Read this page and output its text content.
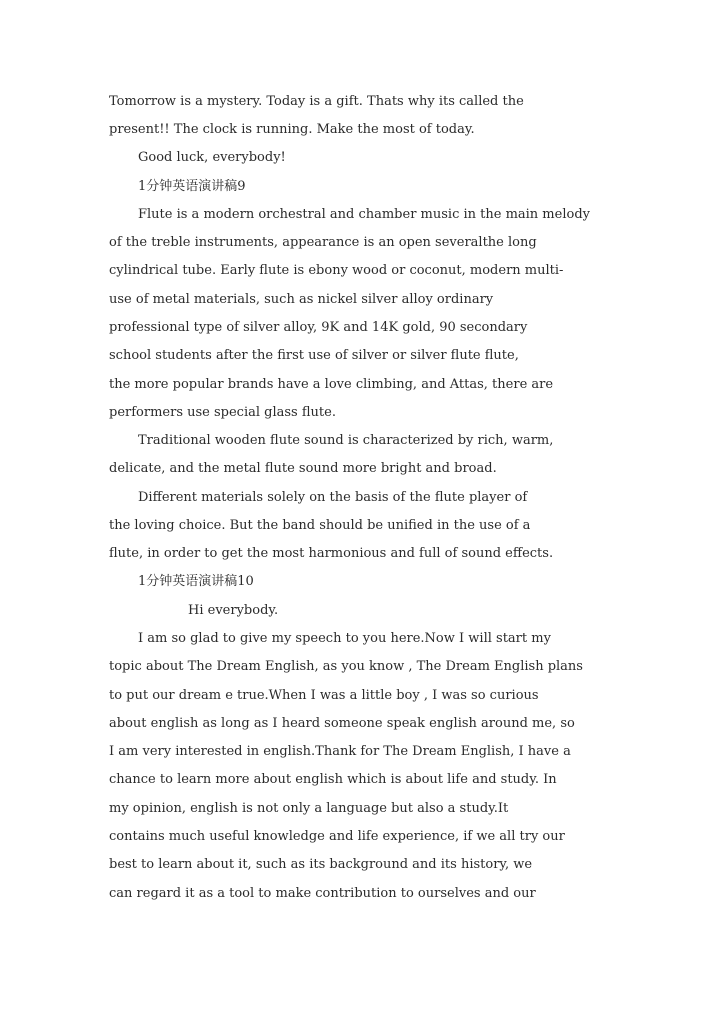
Tomorrow is a mystery. Today is a gift. Thats why its called the
present!! The clock is running. Make the most of today.
Good luck, everybody!
1分钟英语演讲稿9
Flute is a modern orchestral and chamber music in the main melody
of the treble instruments, appearance is an open severalthe long
cylindrical tube. Early flute is ebony wood or coconut, modern multi-
use of metal materials, such as nickel silver alloy ordinary
professional type of silver alloy, 9K and 14K gold, 90 secondary
school students after the first use of silver or silver flute flute,
the more popular brands have a love climbing, and Attas, there are
performers use special glass flute.
Traditional wooden flute sound is characterized by rich, warm,
delicate, and the metal flute sound more bright and broad.
Different materials solely on the basis of the flute player of
the loving choice. But the band should be unified in the use of a
flute, in order to get the most harmonious and full of sound effects.
1分钟英语演讲稿10
Hi everybody.
I am so glad to give my speech to you here.Now I will start my
topic about The Dream English, as you know , The Dream English plans
to put our dream e true.When I was a little boy , I was so curious
about english as long as I heard someone speak english around me, so
I am very interested in english.Thank for The Dream English, I have a
chance to learn more about english which is about life and study. In
my opinion, english is not only a language but also a study.It
contains much useful knowledge and life experience, if we all try our
best to learn about it, such as its background and its history, we
can regard it as a tool to make contribution to ourselves and our
